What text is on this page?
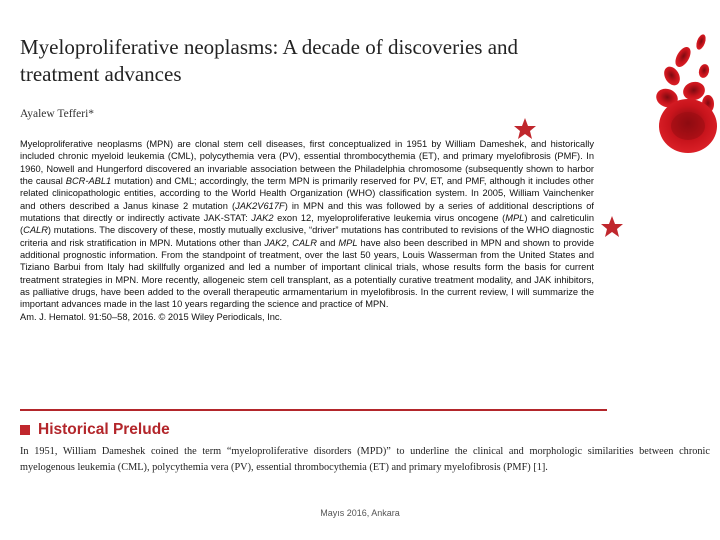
Myeloproliferative neoplasms: A decade of discoveries and treatment advances
Ayalew Tefferi*
Myeloproliferative neoplasms (MPN) are clonal stem cell diseases, first conceptualized in 1951 by William Dameshek, and historically included chronic myeloid leukemia (CML), polycythemia vera (PV), essential thrombocythemia (ET), and primary myelofibrosis (PMF). In 1960, Nowell and Hungerford discovered an invariable association between the Philadelphia chromosome (subsequently shown to harbor the causal BCR-ABL1 mutation) and CML; accordingly, the term MPN is primarily reserved for PV, ET, and PMF, although it includes other related clinicopathologic entities, according to the World Health Organization (WHO) classification system. In 2005, William Vainchenker and others described a Janus kinase 2 mutation (JAK2V617F) in MPN and this was followed by a series of additional descriptions of mutations that directly or indirectly activate JAK-STAT: JAK2 exon 12, myeloproliferative leukemia virus oncogene (MPL) and calreticulin (CALR) mutations. The discovery of these, mostly mutually exclusive, “driver” mutations has contributed to revisions of the WHO diagnostic criteria and risk stratification in MPN. Mutations other than JAK2, CALR and MPL have also been described in MPN and shown to provide additional prognostic information. From the standpoint of treatment, over the last 50 years, Louis Wasserman from the United States and Tiziano Barbui from Italy had skillfully organized and led a number of important clinical trials, whose results form the basis for current treatment strategies in MPN. More recently, allogeneic stem cell transplant, as a potentially curative treatment modality, and JAK inhibitors, as palliative drugs, have been added to the overall therapeutic armamentarium in myelofibrosis. In the current review, I will summarize the important advances made in the last 10 years regarding the science and practice of MPN.
Am. J. Hematol. 91:50–58, 2016. © 2015 Wiley Periodicals, Inc.
Historical Prelude
In 1951, William Dameshek coined the term “myeloproliferative disorders (MPD)” to underline the clinical and morphologic similarities between chronic myelogenous leukemia (CML), polycythemia vera (PV), essential thrombocythemia (ET) and primary myelofibrosis (PMF) [1].
Mayıs 2016, Ankara
